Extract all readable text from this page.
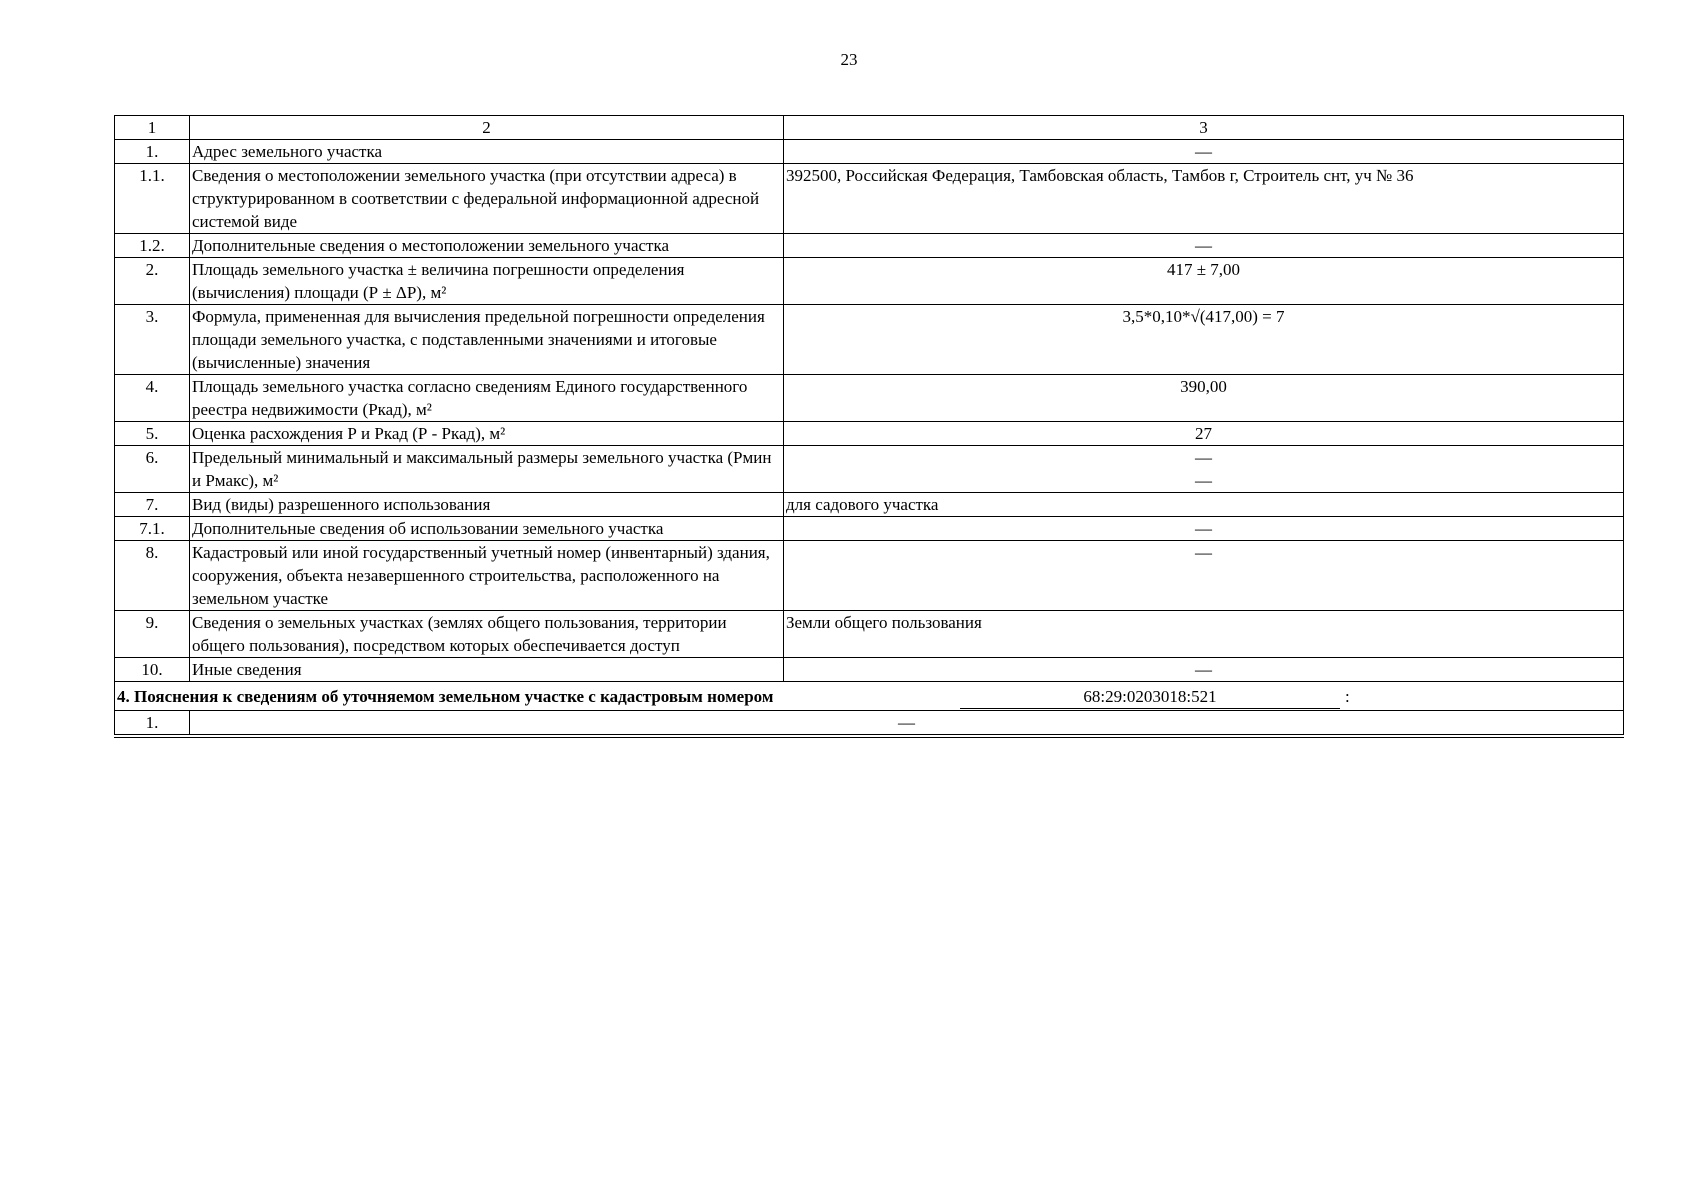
23
1	2	3
1.	Адрес земельного участка	—
1.1.	Сведения о местоположении земельного участка (при отсутствии адреса) в структурированном в соответствии с федеральной информационной адресной системой виде	392500, Российская Федерация, Тамбовская область, Тамбов г, Строитель снт, уч № 36
1.2.	Дополнительные сведения о местоположении земельного участка	—
2.	Площадь земельного участка ± величина погрешности определения (вычисления) площади (Р ± ΔР), м²	417 ± 7,00
3.	Формула, примененная для вычисления предельной погрешности определения площади земельного участка, с подставленными значениями и итоговые (вычисленные) значения	3,5*0,10*√(417,00) = 7
4.	Площадь земельного участка согласно сведениям Единого государственного реестра недвижимости (Ркад), м²	390,00
5.	Оценка расхождения Р и Ркад (Р - Ркад), м²	27
6.	Предельный минимальный и максимальный размеры земельного участка (Рмин и Рмакс), м²	—
—

7.	Вид (виды) разрешенного использования	для садового участка
7.1.	Дополнительные сведения об использовании земельного участка	—
8.	Кадастровый или иной государственный учетный номер (инвентарный) здания, сооружения, объекта незавершенного строительства, расположенного на земельном участке	—
9.	Сведения о земельных участках (землях общего пользования, территории общего пользования), посредством которых обеспечивается доступ	Земли общего пользования
10.	Иные сведения	—

4. Пояснения к сведениям об уточняемом земельном участке с кадастровым номером 68:29:0203018:521 :		

1.	—	
